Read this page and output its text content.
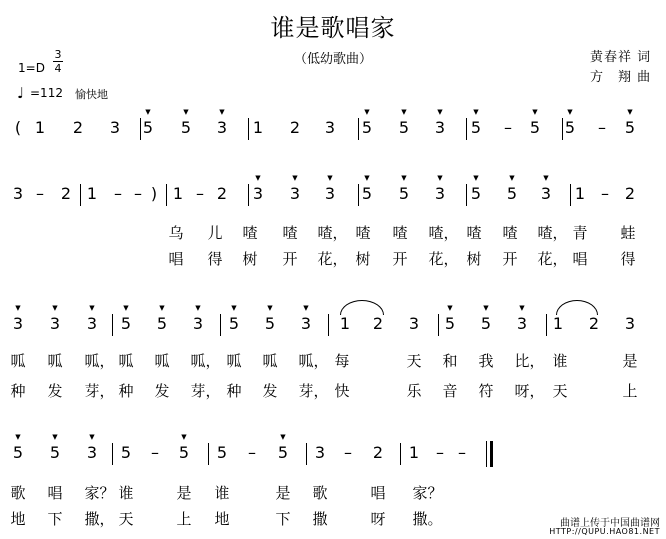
谁是歌唱家
（低幼歌曲）	黄春祥 词
方　翔 曲
1=D
3
4
♩ =112 愉快地
( 1 2 3 5
▼
5
▼
3
▼
1 2 3 5
▼
5
▼
3
▼
5
▼
– 5
▼
5
▼
– 5
▼
3 – 2 1 – – ) 1 – 2 3
▼
3
▼
3
▼
5
▼
5
▼
3
▼
5
▼
5
▼
3
▼
1 – 2
3
▼
3
▼
3
▼
5
▼
5
▼
3
▼
5
▼
5
▼
3
▼
1 2 3 5
▼
5
▼
3
▼
1 2 3
5
▼
5
▼
3
▼
5 – 5
▼
5 – 5
▼
3 – 2 1 – –
乌 儿 喳 喳 喳， 喳 喳 喳， 喳 喳 喳， 青 蛙
唱 得 树 开 花， 树 开 花， 树 开 花， 唱 得
呱 呱 呱， 呱 呱 呱， 呱 呱 呱， 每	天 和 我 比， 谁	是
种 发 芽， 种 发 芽， 种 发 芽， 快	乐 音 符 呀， 天	上
歌 唱 家？ 谁	是 谁	是 歌	唱 家？
地 下 撒， 天	上 地	下 撒	呀 撒。	曲谱上传于中国曲谱网
HTTP://QUPU.HAO81.NET
